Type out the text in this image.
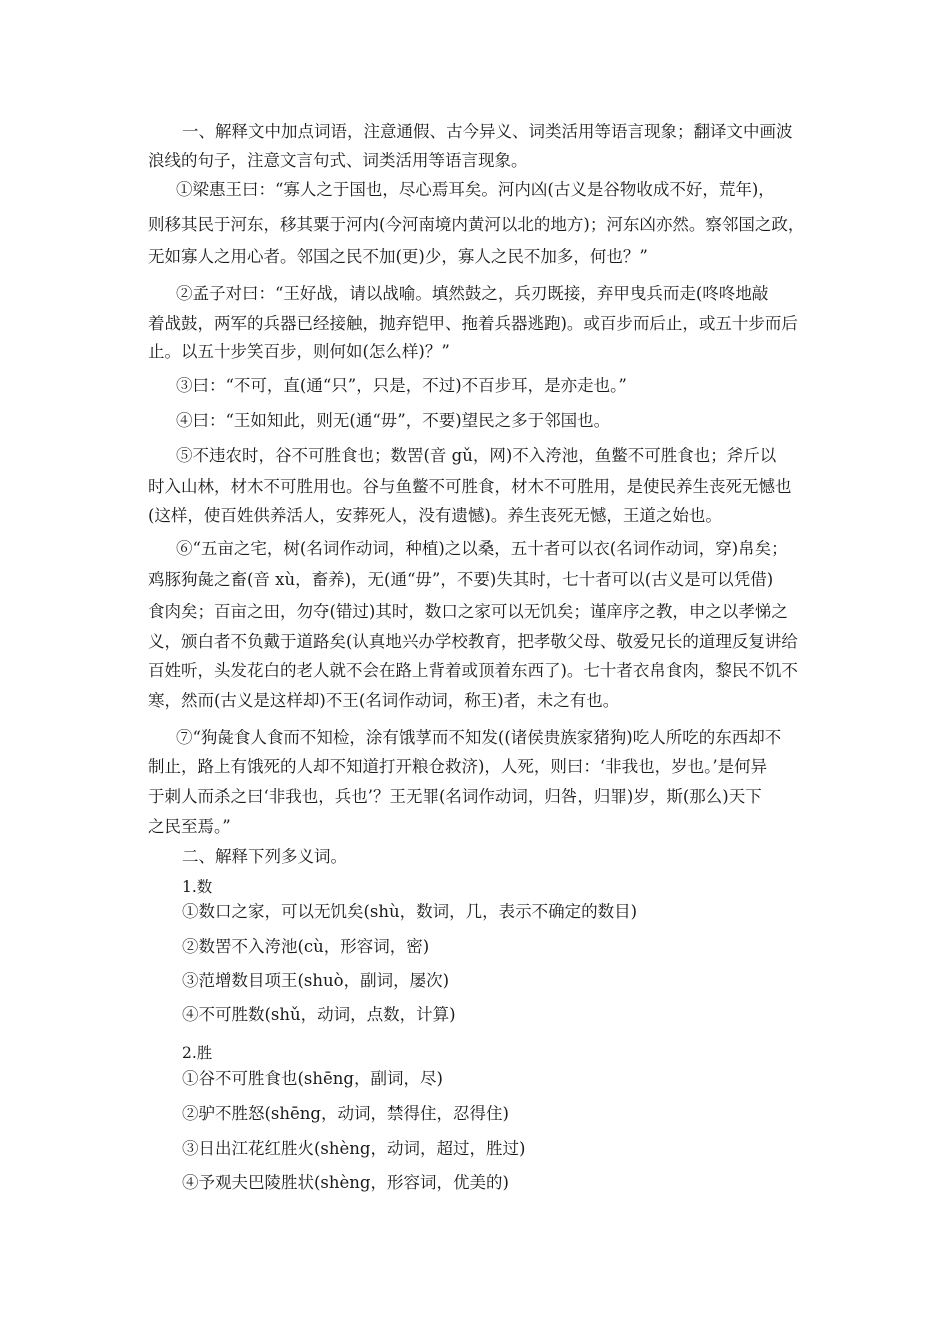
一、解释文中加点词语，注意通假、古今异义、词类活用等语言现象；翻译文中画波
浪线的句子，注意文言句式、词类活用等语言现象。
①梁惠王曰：“寡人之于国也，尽心焉耳矣。河内凶(古义是谷物收成不好，荒年)，
则移其民于河东，移其粟于河内(今河南境内黄河以北的地方)；河东凶亦然。察邻国之政，
无如寡人之用心者。邻国之民不加(更)少，寡人之民不加多，何也？”
②孟子对曰：“王好战，请以战喻。填然鼓之，兵刃既接，弃甲曳兵而走(咚咚地敲
着战鼓，两军的兵器已经接触，抛弃铠甲、拖着兵器逃跑)。或百步而后止，或五十步而后
止。以五十步笑百步，则何如(怎么样)？”
③曰：“不可，直(通“只”，只是，不过)不百步耳，是亦走也。”
④曰：“王如知此，则无(通“毋”，不要)望民之多于邻国也。
⑤不违农时，谷不可胜食也；数罟(音 gǔ，网)不入洿池，鱼鳖不可胜食也；斧斤以
时入山林，材木不可胜用也。谷与鱼鳖不可胜食，材木不可胜用，是使民养生丧死无憾也
(这样，使百姓供养活人，安葬死人，没有遗憾)。养生丧死无憾，王道之始也。
⑥“五亩之宅，树(名词作动词，种植)之以桑，五十者可以衣(名词作动词，穿)帛矣；
鸡豚狗彘之畜(音 xù，畜养)，无(通“毋”，不要)失其时，七十者可以(古义是可以凭借)
食肉矣；百亩之田，勿夺(错过)其时，数口之家可以无饥矣；谨庠序之教，申之以孝悌之
义，颁白者不负戴于道路矣(认真地兴办学校教育，把孝敬父母、敬爱兄长的道理反复讲给
百姓听，头发花白的老人就不会在路上背着或顶着东西了)。七十者衣帛食肉，黎民不饥不
寒，然而(古义是这样却)不王(名词作动词，称王)者，未之有也。
⑦“狗彘食人食而不知检，涂有饿莩而不知发((诸侯贵族家猪狗)吃人所吃的东西却不
制止，路上有饿死的人却不知道打开粮仓救济)，人死，则曰：‘非我也，岁也。’是何异
于刺人而杀之曰‘非我也，兵也’？王无罪(名词作动词，归咎，归罪)岁，斯(那么)天下
之民至焉。”
二、解释下列多义词。
1.数
①数口之家，可以无饥矣(shù，数词，几，表示不确定的数目)
②数罟不入洿池(cù，形容词，密)
③范增数目项王(shuò，副词，屡次)
④不可胜数(shǔ，动词，点数，计算)
2.胜
①谷不可胜食也(shēng，副词，尽)
②驴不胜怒(shēng，动词，禁得住，忍得住)
③日出江花红胜火(shèng，动词，超过，胜过)
④予观夫巴陵胜状(shèng，形容词，优美的)
